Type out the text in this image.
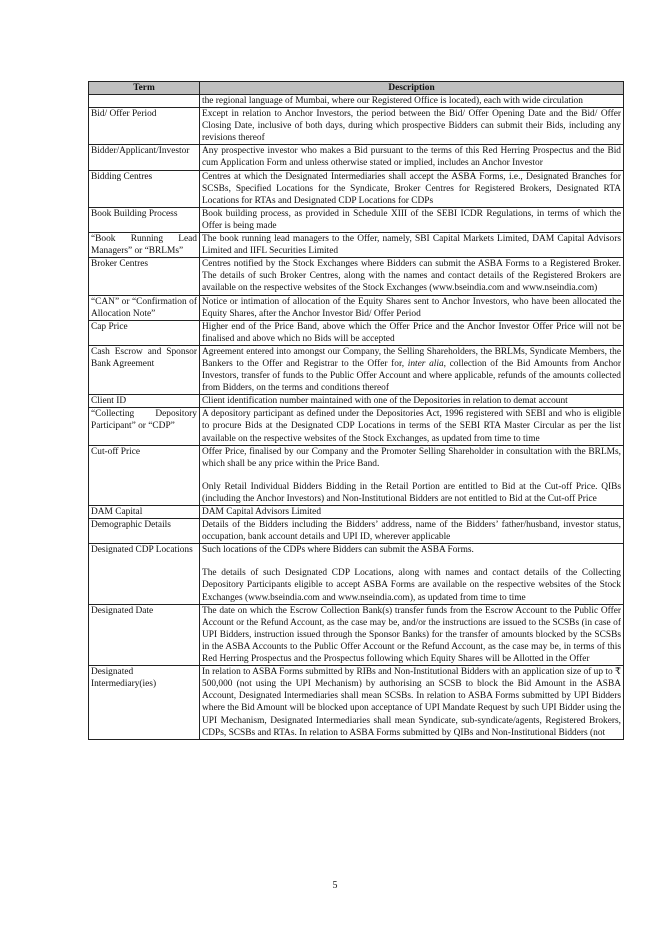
Term	Description

	the regional language of Mumbai, where our Registered Office is located), each with wide circulation

Bid/ Offer Period	Except in relation to Anchor Investors, the period between the Bid/ Offer Opening Date and the Bid/ Offer Closing Date, inclusive of both days, during which prospective Bidders can submit their Bids, including any revisions thereof

Bidder/Applicant/Investor	Any prospective investor who makes a Bid pursuant to the terms of this Red Herring Prospectus and the Bid cum Application Form and unless otherwise stated or implied, includes an Anchor Investor

Bidding Centres	Centres at which the Designated Intermediaries shall accept the ASBA Forms, i.e., Designated Branches for SCSBs, Specified Locations for the Syndicate, Broker Centres for Registered Brokers, Designated RTA Locations for RTAs and Designated CDP Locations for CDPs

Book Building Process	Book building process, as provided in Schedule XIII of the SEBI ICDR Regulations, in terms of which the Offer is being made

“Book Running Lead Managers” or “BRLMs”	The book running lead managers to the Offer, namely, SBI Capital Markets Limited, DAM Capital Advisors Limited and IIFL Securities Limited

Broker Centres	Centres notified by the Stock Exchanges where Bidders can submit the ASBA Forms to a Registered Broker. The details of such Broker Centres, along with the names and contact details of the Registered Brokers are available on the respective websites of the Stock Exchanges (www.bseindia.com and www.nseindia.com)

“CAN” or “Confirmation of Allocation Note”	Notice or intimation of allocation of the Equity Shares sent to Anchor Investors, who have been allocated the Equity Shares, after the Anchor Investor Bid/ Offer Period

Cap Price	Higher end of the Price Band, above which the Offer Price and the Anchor Investor Offer Price will not be finalised and above which no Bids will be accepted

Cash Escrow and Sponsor Bank Agreement	Agreement entered into amongst our Company, the Selling Shareholders, the BRLMs, Syndicate Members, the Bankers to the Offer and Registrar to the Offer for, inter alia, collection of the Bid Amounts from Anchor Investors, transfer of funds to the Public Offer Account and where applicable, refunds of the amounts collected from Bidders, on the terms and conditions thereof

Client ID	Client identification number maintained with one of the Depositories in relation to demat account

“Collecting Depository Participant” or “CDP”	A depository participant as defined under the Depositories Act, 1996 registered with SEBI and who is eligible to procure Bids at the Designated CDP Locations in terms of the SEBI RTA Master Circular as per the list available on the respective websites of the Stock Exchanges, as updated from time to time

Cut-off Price	Offer Price, finalised by our Company and the Promoter Selling Shareholder in consultation with the BRLMs, which shall be any price within the Price Band.
Only Retail Individual Bidders Bidding in the Retail Portion are entitled to Bid at the Cut-off Price. QIBs (including the Anchor Investors) and Non-Institutional Bidders are not entitled to Bid at the Cut-off Price

DAM Capital	DAM Capital Advisors Limited

Demographic Details	Details of the Bidders including the Bidders’ address, name of the Bidders’ father/husband, investor status, occupation, bank account details and UPI ID, wherever applicable

Designated CDP Locations	Such locations of the CDPs where Bidders can submit the ASBA Forms.
The details of such Designated CDP Locations, along with names and contact details of the Collecting Depository Participants eligible to accept ASBA Forms are available on the respective websites of the Stock Exchanges (www.bseindia.com and www.nseindia.com), as updated from time to time

Designated Date	The date on which the Escrow Collection Bank(s) transfer funds from the Escrow Account to the Public Offer Account or the Refund Account, as the case may be, and/or the instructions are issued to the SCSBs (in case of UPI Bidders, instruction issued through the Sponsor Banks) for the transfer of amounts blocked by the SCSBs in the ASBA Accounts to the Public Offer Account or the Refund Account, as the case may be, in terms of this Red Herring Prospectus and the Prospectus following which Equity Shares will be Allotted in the Offer

Designated Intermediary(ies)	In relation to ASBA Forms submitted by RIBs and Non-Institutional Bidders with an application size of up to ₹ 500,000 (not using the UPI Mechanism) by authorising an SCSB to block the Bid Amount in the ASBA Account, Designated Intermediaries shall mean SCSBs. In relation to ASBA Forms submitted by UPI Bidders where the Bid Amount will be blocked upon acceptance of UPI Mandate Request by such UPI Bidder using the UPI Mechanism, Designated Intermediaries shall mean Syndicate, sub-syndicate/agents, Registered Brokers, CDPs, SCSBs and RTAs. In relation to ASBA Forms submitted by QIBs and Non-Institutional Bidders (not
5
